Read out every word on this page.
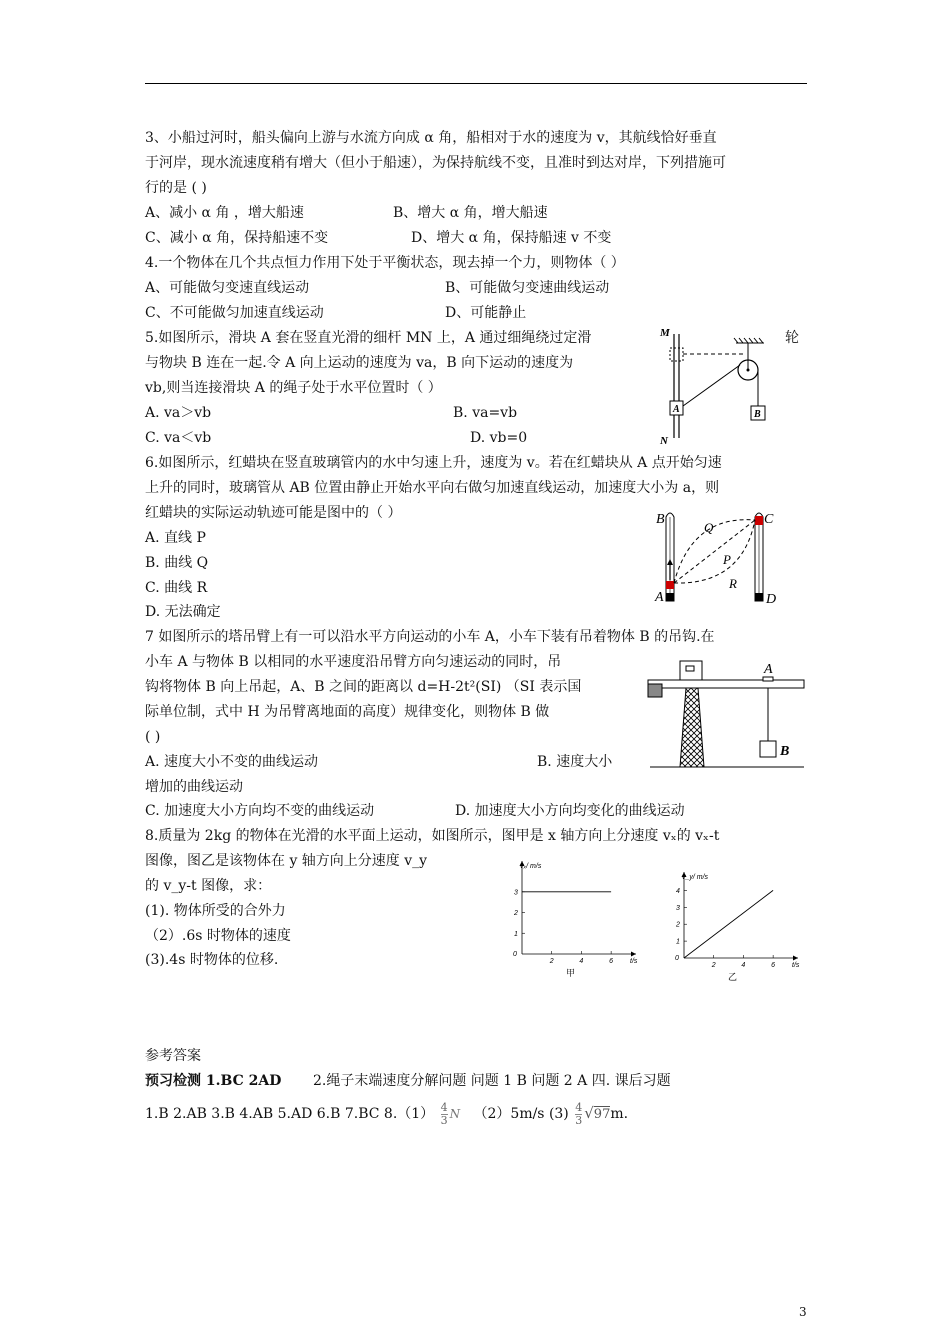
3、小船过河时，船头偏向上游与水流方向成 α 角，船相对于水的速度为 v，其航线恰好垂直
于河岸，现水流速度稍有增大（但小于船速），为保持航线不变，且准时到达对岸，下列措施可
行的是 ( )
A、减小 α 角 ，增大船速	B、增大 α 角，增大船速
C、减小 α 角，保持船速不变	D、增大 α 角，保持船速 v 不变
4.一个物体在几个共点恒力作用下处于平衡状态，现去掉一个力，则物体（ ）
A、可能做匀变速直线运动	B、可能做匀变速曲线运动
C、不可能做匀加速直线运动	D、可能静止
5.如图所示，滑块 A 套在竖直光滑的细杆 MN 上，A 通过细绳绕过定滑	轮
与物块 B 连在一起.令 A 向上运动的速度为 va，B 向下运动的速度为
vb,则当连接滑块 A 的绳子处于水平位置时（ ）
A. va＞vb	B. va=vb
C. va＜vb	D. vb=0
M
N
A	B
6.如图所示，红蜡块在竖直玻璃管内的水中匀速上升，速度为 v。若在红蜡块从 A 点开始匀速
上升的同时，玻璃管从 AB 位置由静止开始水平向右做匀加速直线运动，加速度大小为 a，则
红蜡块的实际运动轨迹可能是图中的（ ）
A. 直线 P
B. 曲线 Q
C. 曲线 R
D. 无法确定
B	C
A	D
Q
P
R
7 如图所示的塔吊臂上有一可以沿水平方向运动的小车 A，小车下装有吊着物体 B 的吊钩.在
小车 A 与物体 B 以相同的水平速度沿吊臂方向匀速运动的同时，吊
钩将物体 B 向上吊起，A、B 之间的距离以 d=H-2t²(SI) （SI 表示国
际单位制，式中 H 为吊臂离地面的高度）规律变化，则物体 B 做
( )
A. 速度大小不变的曲线运动	B. 速度大小
增加的曲线运动
C. 加速度大小方向均不变的曲线运动	D. 加速度大小方向均变化的曲线运动
A
B
8.质量为 2kg 的物体在光滑的水平面上运动，如图所示，图甲是 x 轴方向上分速度 vₓ的 vₓ-t
图像，图乙是该物体在 y 轴方向上分速度 v_y
的 v_y-t 图像，求：
(1). 物体所受的合外力
（2）.6s 时物体的速度
(3).4s 时物体的位移.	2	4	6
1
2
3
0
t/s
vₓ/ m/s
甲
2	4	6
1
2
3
4
0
t/s
v_y/ m/s
乙
参考答案
预习检测 1.BC 2AD 2.绳子末端速度分解问题 问题 1 B 问题 2 A 四. 课后习题
1.B 2.AB 3.B 4.AB 5.AD 6.B 7.BC $8.(1) \frac{4}{3}$ N （2）5m/s $(3) \frac{4}{3} √97m$.
3
